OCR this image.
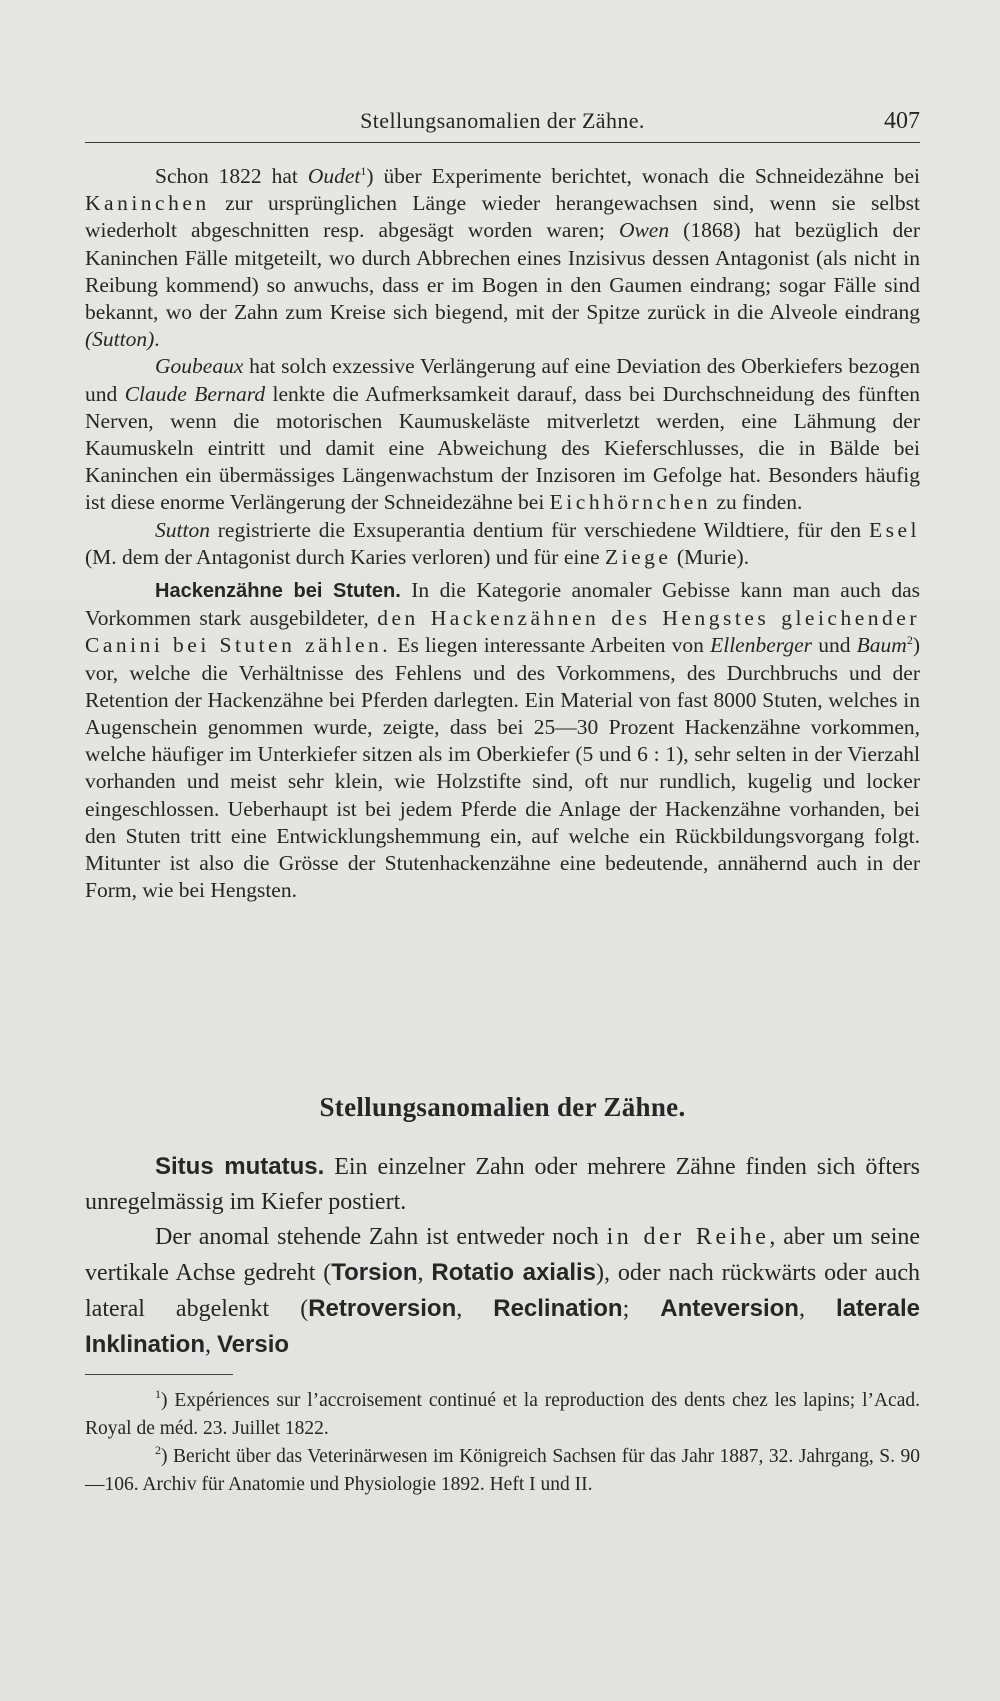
Stellungsanomalien der Zähne.	407

Schon 1822 hat Oudet$^1$) über Experimente berichtet, wonach die Schneidezähne bei Kaninchen zur ursprünglichen Länge wieder herangewachsen sind, wenn sie selbst wiederholt abgeschnitten resp. abgesägt worden waren; Owen (1868) hat bezüglich der Kaninchen Fälle mitgeteilt, wo durch Abbrechen eines Inzisivus dessen Antagonist (als nicht in Reibung kommend) so anwuchs, dass er im Bogen in den Gaumen eindrang; sogar Fälle sind bekannt, wo der Zahn zum Kreise sich biegend, mit der Spitze zurück in die Alveole eindrang (Sutton).

Goubeaux hat solch exzessive Verlängerung auf eine Deviation des Oberkiefers bezogen und Claude Bernard lenkte die Aufmerksamkeit darauf, dass bei Durchschneidung des fünften Nerven, wenn die motorischen Kaumuskeläste mitverletzt werden, eine Lähmung der Kaumuskeln eintritt und damit eine Abweichung des Kieferschlusses, die in Bälde bei Kaninchen ein übermässiges Längenwachstum der Inzisoren im Gefolge hat. Besonders häufig ist diese enorme Verlängerung der Schneidezähne bei Eichhörnchen zu finden.

Sutton registrierte die Exsuperantia dentium für verschiedene Wildtiere, für den Esel (M. dem der Antagonist durch Karies verloren) und für eine Ziege (Murie).

Hackenzähne bei Stuten. In die Kategorie anomaler Gebisse kann man auch das Vorkommen stark ausgebildeter, den Hackenzähnen des Hengstes gleichender Canini bei Stuten zählen. Es liegen interessante Arbeiten von Ellenberger und Baum$^2$) vor, welche die Verhältnisse des Fehlens und des Vorkommens, des Durchbruchs und der Retention der Hackenzähne bei Pferden darlegten. Ein Material von fast 8000 Stuten, welches in Augenschein genommen wurde, zeigte, dass bei 25—30 Prozent Hackenzähne vorkommen, welche häufiger im Unterkiefer sitzen als im Oberkiefer (5 und 6 : 1), sehr selten in der Vierzahl vorhanden und meist sehr klein, wie Holzstifte sind, oft nur rundlich, kugelig und locker eingeschlossen. Ueberhaupt ist bei jedem Pferde die Anlage der Hackenzähne vorhanden, bei den Stuten tritt eine Entwicklungshemmung ein, auf welche ein Rückbildungsvorgang folgt. Mitunter ist also die Grösse der Stutenhackenzähne eine bedeutende, annähernd auch in der Form, wie bei Hengsten.

Stellungsanomalien der Zähne.

Situs mutatus. Ein einzelner Zahn oder mehrere Zähne finden sich öfters unregelmässig im Kiefer postiert.

Der anomal stehende Zahn ist entweder noch in der Reihe, aber um seine vertikale Achse gedreht (Torsion, Rotatio axialis), oder nach rückwärts oder auch lateral abgelenkt (Retroversion, Reclination; Anteversion, laterale Inklination, Versio

$^1$) Expériences sur l’accroisement continué et la reproduction des dents chez les lapins; l’Acad. Royal de méd. 23. Juillet 1822.

$^2$) Bericht über das Veterinärwesen im Königreich Sachsen für das Jahr 1887, 32. Jahrgang, S. 90—106. Archiv für Anatomie und Physiologie 1892. Heft I und II.
